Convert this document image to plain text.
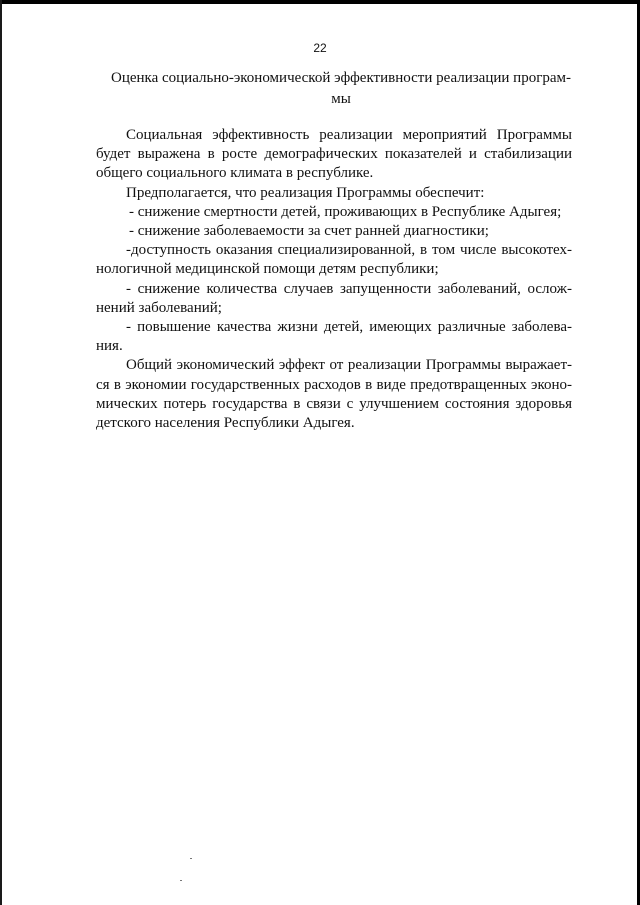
22
Оценка социально-экономической эффективности реализации програм-
мы
Социальная эффективность реализации мероприятий Программы
будет выражена в росте демографических показателей и стабилизации
общего социального климата в республике.
Предполагается, что реализация Программы обеспечит:
- снижение смертности детей, проживающих в Республике Адыгея;
- снижение заболеваемости за счет ранней диагностики;
-доступность оказания специализированной, в том числе высокотех-
нологичной медицинской помощи детям республики;
- снижение количества случаев запущенности заболеваний, ослож-
нений заболеваний;
- повышение качества жизни детей, имеющих различные заболева-
ния.
Общий экономический эффект от реализации Программы выражает-
ся в экономии государственных расходов в виде предотвращенных эконо-
мических потерь государства в связи с улучшением состояния здоровья
детского населения Республики Адыгея.
